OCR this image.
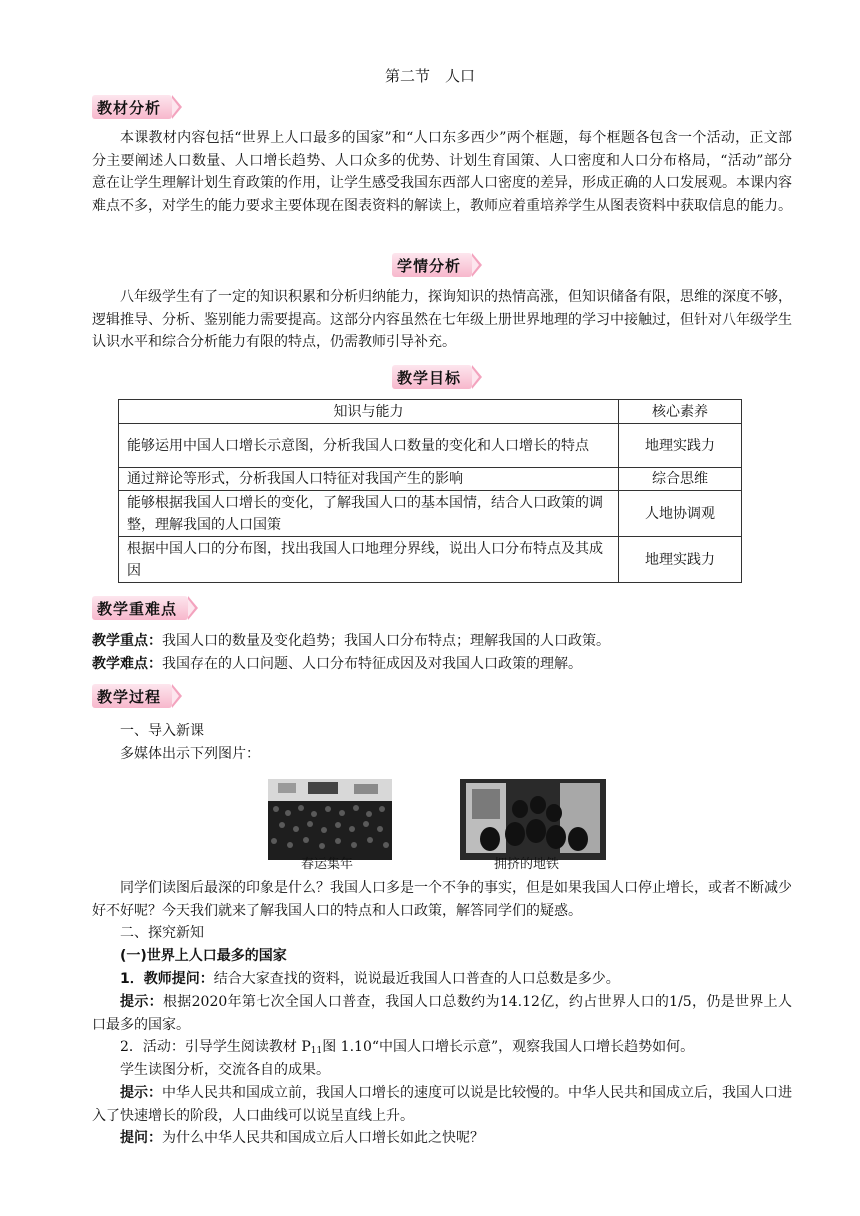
第二节　人口
教材分析
本课教材内容包括“世界上人口最多的国家”和“人口东多西少”两个框题，每个框题各包含一个活动，正文部分主要阐述人口数量、人口增长趋势、人口众多的优势、计划生育国策、人口密度和人口分布格局，“活动”部分意在让学生理解计划生育政策的作用，让学生感受我国东西部人口密度的差异，形成正确的人口发展观。本课内容难点不多，对学生的能力要求主要体现在图表资料的解读上，教师应着重培养学生从图表资料中获取信息的能力。
学情分析
八年级学生有了一定的知识积累和分析归纳能力，探询知识的热情高涨，但知识储备有限，思维的深度不够，逻辑推导、分析、鉴别能力需要提高。这部分内容虽然在七年级上册世界地理的学习中接触过，但针对八年级学生认识水平和综合分析能力有限的特点，仍需教师引导补充。
教学目标
知识与能力	核心素养
能够运用中国人口增长示意图，分析我国人口数量的变化和人口增长的特点	地理实践力
通过辩论等形式，分析我国人口特征对我国产生的影响	综合思维
能够根据我国人口增长的变化，了解我国人口的基本国情，结合人口政策的调整，理解我国的人口国策	人地协调观
根据中国人口的分布图，找出我国人口地理分界线，说出人口分布特点及其成因	地理实践力
教学重难点
教学重点：我国人口的数量及变化趋势；我国人口分布特点；理解我国的人口政策。
教学难点：我国存在的人口问题、人口分布特征成因及对我国人口政策的理解。
教学过程
一、导入新课
多媒体出示下列图片：
春运集年	拥挤的地铁
同学们读图后最深的印象是什么？我国人口多是一个不争的事实，但是如果我国人口停止增长，或者不断减少好不好呢？今天我们就来了解我国人口的特点和人口政策，解答同学们的疑惑。
二、探究新知
(一)世界上人口最多的国家
1．教师提问：结合大家查找的资料，说说最近我国人口普查的人口总数是多少。
提示：根据2020年第七次全国人口普查，我国人口总数约为14.12亿，约占世界人口的1/5，仍是世界上人口最多的国家。
2．活动：引导学生阅读教材 $P_{11}$图 1.10“中国人口增长示意”，观察我国人口增长趋势如何。
学生读图分析，交流各自的成果。
提示：中华人民共和国成立前，我国人口增长的速度可以说是比较慢的。中华人民共和国成立后，我国人口进入了快速增长的阶段，人口曲线可以说呈直线上升。
提问：为什么中华人民共和国成立后人口增长如此之快呢？
